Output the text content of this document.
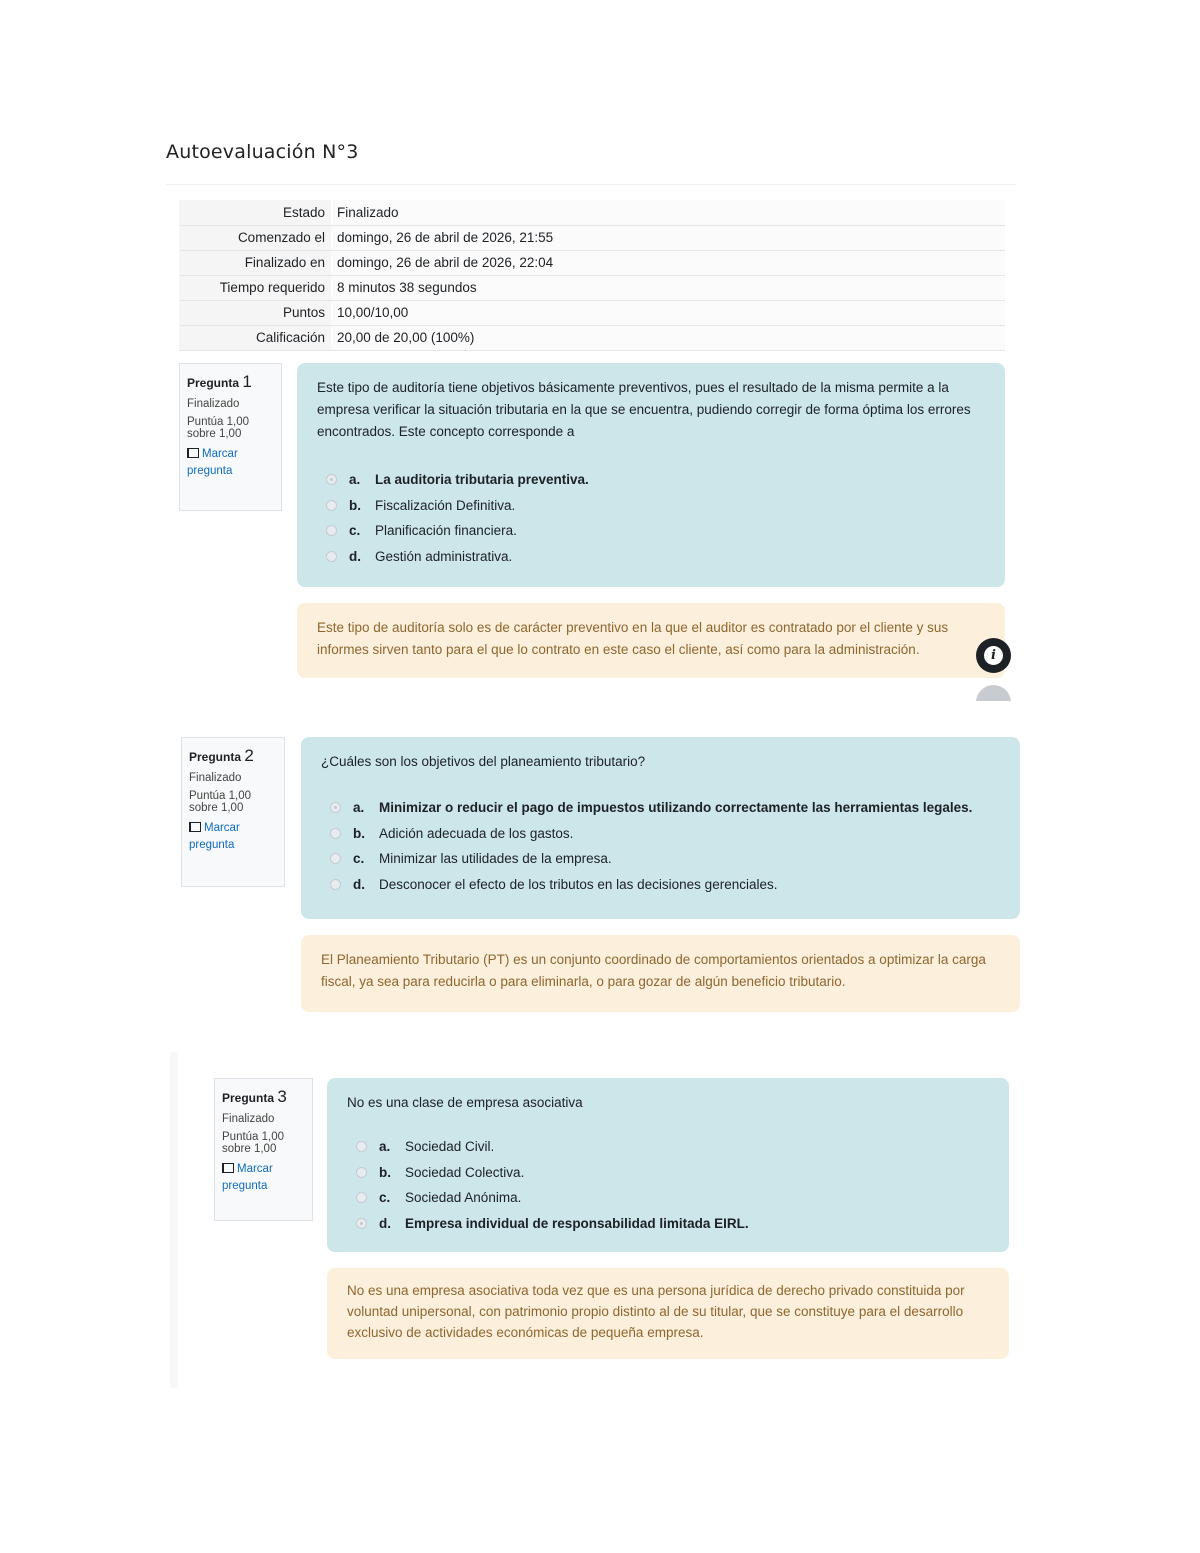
Autoevaluación N°3
Estado	Finalizado
Comenzado el	domingo, 26 de abril de 2026, 21:55
Finalizado en	domingo, 26 de abril de 2026, 22:04
Tiempo requerido	8 minutos 38 segundos
Puntos	10,00/10,00
Calificación	20,00 de 20,00 (100%)
Pregunta 1
Finalizado
Puntúa 1,00
sobre 1,00
Marcar
pregunta
Este tipo de auditoría tiene objetivos básicamente preventivos, pues el resultado de la misma permite a la empresa verificar la situación tributaria en la que se encuentra, pudiendo corregir de forma óptima los errores encontrados. Este concepto corresponde a
a.	La auditoria tributaria preventiva.
b.	Fiscalización Definitiva.
c.	Planificación financiera.
d.	Gestión administrativa.
Este tipo de auditoría solo es de carácter preventivo en la que el auditor es contratado por el cliente y sus informes sirven tanto para el que lo contrato en este caso el cliente, así como para la administración.	i
Pregunta 2
Finalizado
Puntúa 1,00
sobre 1,00
Marcar
pregunta
¿Cuáles son los objetivos del planeamiento tributario?
a.	Minimizar o reducir el pago de impuestos utilizando correctamente las herramientas legales.
b.	Adición adecuada de los gastos.
c.	Minimizar las utilidades de la empresa.
d.	Desconocer el efecto de los tributos en las decisiones gerenciales.
El Planeamiento Tributario (PT) es un conjunto coordinado de comportamientos orientados a optimizar la carga fiscal, ya sea para reducirla o para eliminarla, o para gozar de algún beneficio tributario.
Pregunta 3
Finalizado
Puntúa 1,00
sobre 1,00
Marcar
pregunta
No es una clase de empresa asociativa
a.	Sociedad Civil.
b.	Sociedad Colectiva.
c.	Sociedad Anónima.
d.	Empresa individual de responsabilidad limitada EIRL.
No es una empresa asociativa toda vez que es una persona jurídica de derecho privado constituida por voluntad unipersonal, con patrimonio propio distinto al de su titular, que se constituye para el desarrollo exclusivo de actividades económicas de pequeña empresa.
